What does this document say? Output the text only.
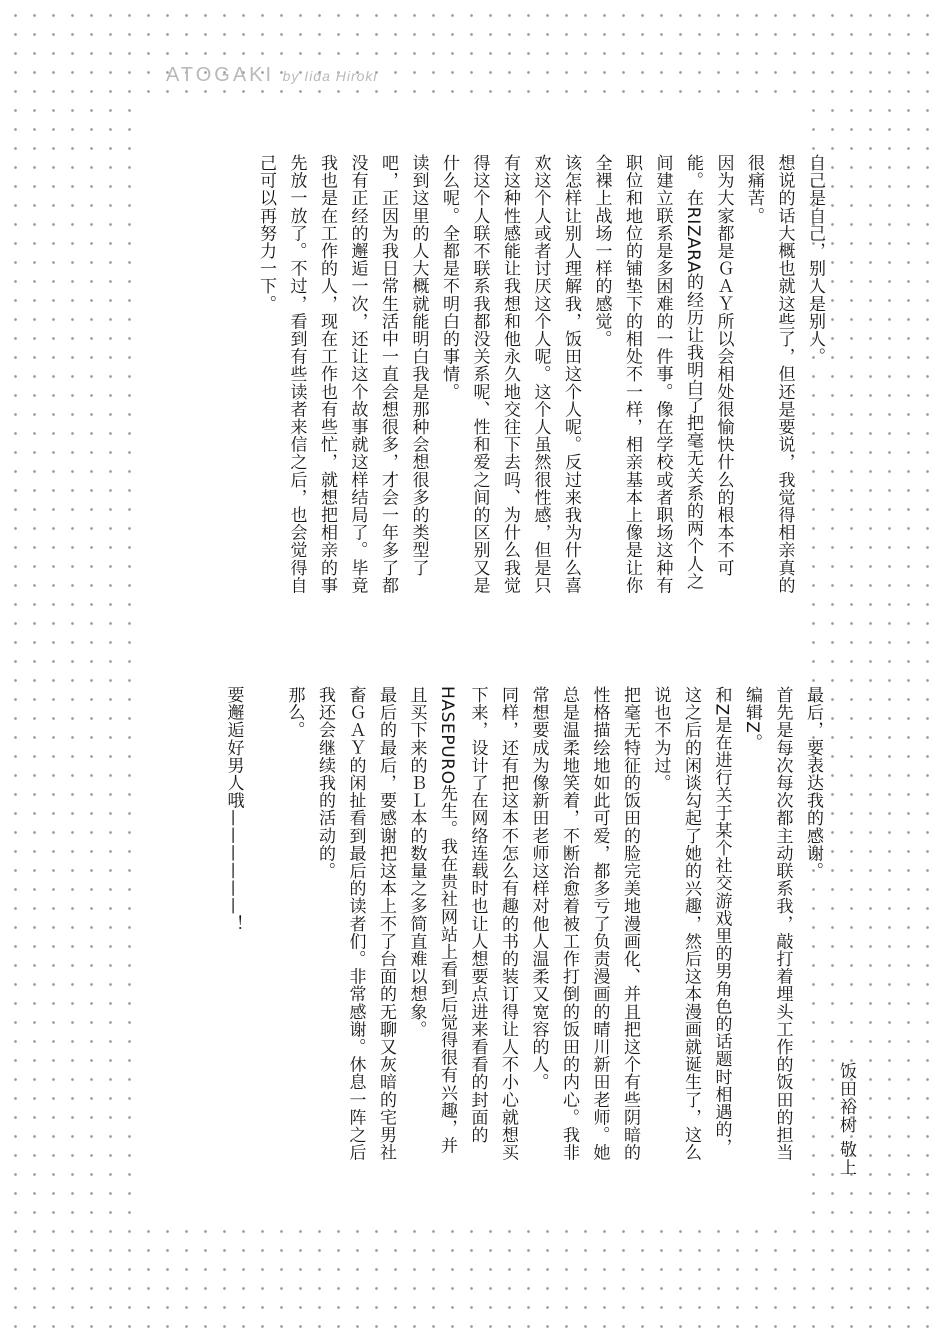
ATOGAKI by Iida Hiroki
自己是自己，别人是别人。
想说的话大概也就这些了，但还是要说，我觉得相亲真的很痛苦。
因为大家都是ＧＡＹ所以会相处很愉快什么的根本不可能。在RIZARA的经历让我明白了把毫无关系的两个人之间建立联系是多困难的一件事。像在学校或者职场这种有职位和地位的铺垫下的相处不一样，相亲基本上像是让你全裸上战场一样的感觉。
该怎样让别人理解我，饭田这个人呢。反过来我为什么喜欢这个人或者讨厌这个人呢。这个人虽然很性感，但是只有这种性感能让我想和他永久地交往下去吗、为什么我觉得这个人联不联系我都没关系呢、性和爱之间的区别又是什么呢。全都是不明白的事情。
读到这里的人大概就能明白我是那种会想很多的类型了吧，正因为我日常生活中一直会想很多，才会一年多了都没有正经的邂逅一次，还让这个故事就这样结局了。毕竟我也是在工作的人，现在工作也有些忙，就想把相亲的事先放一放了。不过，看到有些读者来信之后，也会觉得自己可以再努力一下。
最后，要表达我的感谢。
首先是每次每次都主动联系我，敲打着埋头工作的饭田的担当编辑Z。
和Z是在进行关于某个社交游戏里的男角色的话题时相遇的，这之后的闲谈勾起了她的兴趣，然后这本漫画就诞生了，这么说也不为过。
把毫无特征的饭田的脸完美地漫画化、并且把这个有些阴暗的性格描绘地如此可爱，都多亏了负责漫画的晴川新田老师。她总是温柔地笑着，不断治愈着被工作打倒的饭田的内心。我非常想要成为像新田老师这样对他人温柔又宽容的人。
同样，还有把这本不怎么有趣的书的装订得让人不小心就想买下来，设计了在网络连载时也让人想要点进来看看的封面的HASEPURO先生。我在贵社网站上看到后觉得很有兴趣，并且买下来的ＢＬ本的数量之多简直难以想象。
最后的最后，要感谢把这本上不了台面的无聊又灰暗的宅男社畜ＧＡＹ的闲扯看到最后的读者们。非常感谢。休息一阵之后我还会继续我的活动的。
那么。

要邂逅好男人哦——————！
饭田裕树 敬上
